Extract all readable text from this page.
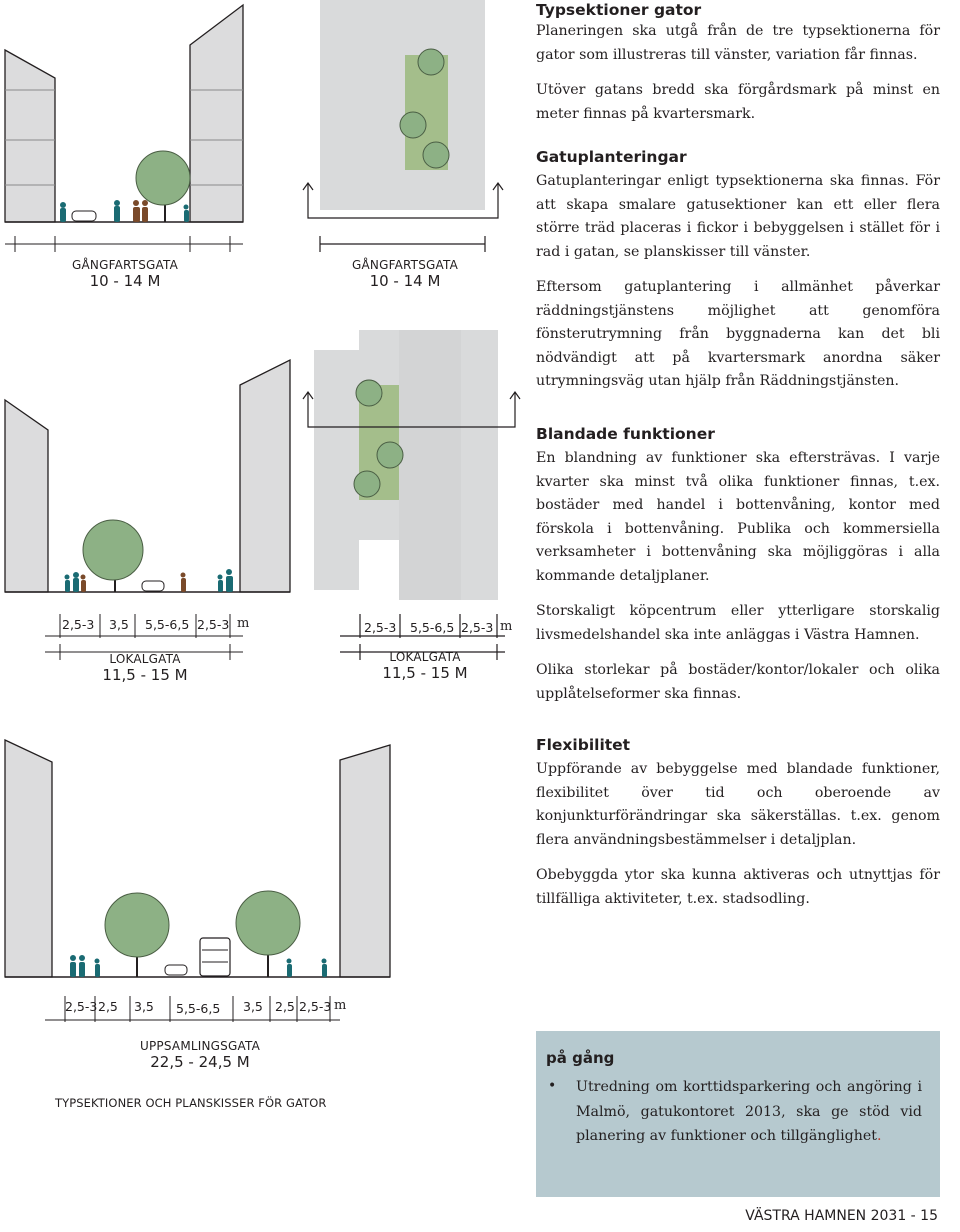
GÅNGFARTSGATA
10 - 14 M
GÅNGFARTSGATA
10 - 14 M
2,5-3 3,5 5,5-6,5 2,5-3 m
LOKALGATA
11,5 - 15 M
2,5-3 5,5-6,5 2,5-3 m
LOKALGATA
11,5 - 15 M
2,5-3 2,5 3,5 5,5-6,5 3,5 2,5 2,5-3 m
UPPSAMLINGSGATA
22,5 - 24,5 M
TYPSEKTIONER OCH PLANSKISSER FÖR GATOR
Typsektioner gator

Planeringen ska utgå från de tre typsektionerna för gator som illustreras till vänster, variation får finnas.

Utöver gatans bredd ska förgårdsmark på minst en meter finnas på kvartersmark.

Gatuplanteringar

Gatuplanteringar enligt typsektionerna ska finnas. För att skapa smalare gatusektioner kan ett eller flera större träd placeras i fickor i bebyggelsen i stället för i rad i gatan, se planskisser till vänster.

Eftersom gatuplantering i allmänhet påverkar räddningstjänstens möjlighet att genomföra fönsterutrymning från byggnaderna kan det bli nödvändigt att på kvartersmark anordna säker utrymningsväg utan hjälp från Räddningstjänsten.

Blandade funktioner

En blandning av funktioner ska eftersträvas. I varje kvarter ska minst två olika funktioner finnas, t.ex. bostäder med handel i bottenvåning, kontor med förskola i bottenvåning. Publika och kommersiella verksamheter i bottenvåning ska möjliggöras i alla kommande detaljplaner.

Storskaligt köpcentrum eller ytterligare storskalig livsmedelshandel ska inte anläggas i Västra Hamnen.

Olika storlekar på bostäder/kontor/lokaler och olika upplåtelseformer ska finnas.

Flexibilitet

Uppförande av bebyggelse med blandade funktioner, flexibilitet över tid och oberoende av konjunkturförändringar ska säkerställas. t.ex. genom flera användningsbestämmelser i detaljplan.

Obebyggda ytor ska kunna aktiveras och utnyttjas för tillfälliga aktiviteter, t.ex. stadsodling.

på gång
• Utredning om korttidsparkering och angöring i Malmö, gatukontoret 2013, ska ge stöd vid planering av funktioner och tillgänglighet.
VÄSTRA HAMNEN 2031 - 15
